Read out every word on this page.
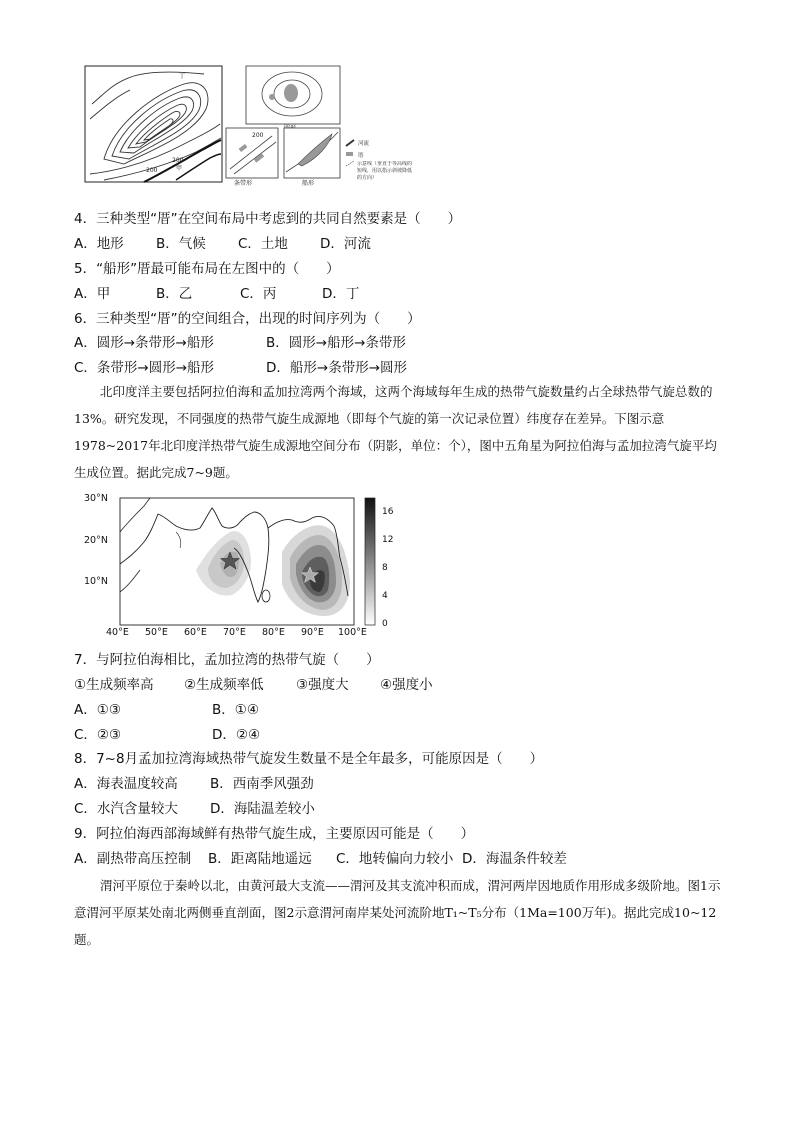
丁
200
200	甲
200
条带形	船形
河流
厝
示意线（垂直于等高线的短线，用以指示斜坡降低的方向）
4．三种类型“厝”在空间布局中考虑到的共同自然要素是（　　）
A．地形 B．气候 C．土地 D．河流
5．“船形”厝最可能布局在左图中的（　　）
A．甲	B．乙	C．丙	D．丁
6．三种类型“厝”的空间组合，出现的时间序列为（　　）
A．圆形→条带形→船形	B．圆形→船形→条带形
C．条带形→圆形→船形	D．船形→条带形→圆形
北印度洋主要包括阿拉伯海和孟加拉湾两个海域，这两个海域每年生成的热带气旋数量约占全球热带气旋总数的13%。研究发现，不同强度的热带气旋生成源地（即每个气旋的第一次记录位置）纬度存在差异。下图示意1978~2017年北印度洋热带气旋生成源地空间分布（阴影，单位：个），图中五角星为阿拉伯海与孟加拉湾气旋平均生成位置。据此完成7~9题。
30°N
20°N
10°N
40°E 50°E 60°E 70°E 80°E 90°E 100°E
16
12
8
4
0
7．与阿拉伯海相比，孟加拉湾的热带气旋（　　）
①生成频率高 ②生成频率低 ③强度大 ④强度小
A．①③	B．①④
C．②③	D．②④
8．7~8月孟加拉湾海域热带气旋发生数量不是全年最多，可能原因是（　　）
A．海表温度较高 B．西南季风强劲
C．水汽含量较大 D．海陆温差较小
9．阿拉伯海西部海域鲜有热带气旋生成，主要原因可能是（　　）
A．副热带高压控制 B．距离陆地遥远 C．地转偏向力较小 D．海温条件较差
渭河平原位于秦岭以北，由黄河最大支流——渭河及其支流冲积而成，渭河两岸因地质作用形成多级阶地。图1示意渭河平原某处南北两侧垂直剖面，图2示意渭河南岸某处河流阶地T₁~T₅分布（1Ma=100万年)。据此完成10~12题。
